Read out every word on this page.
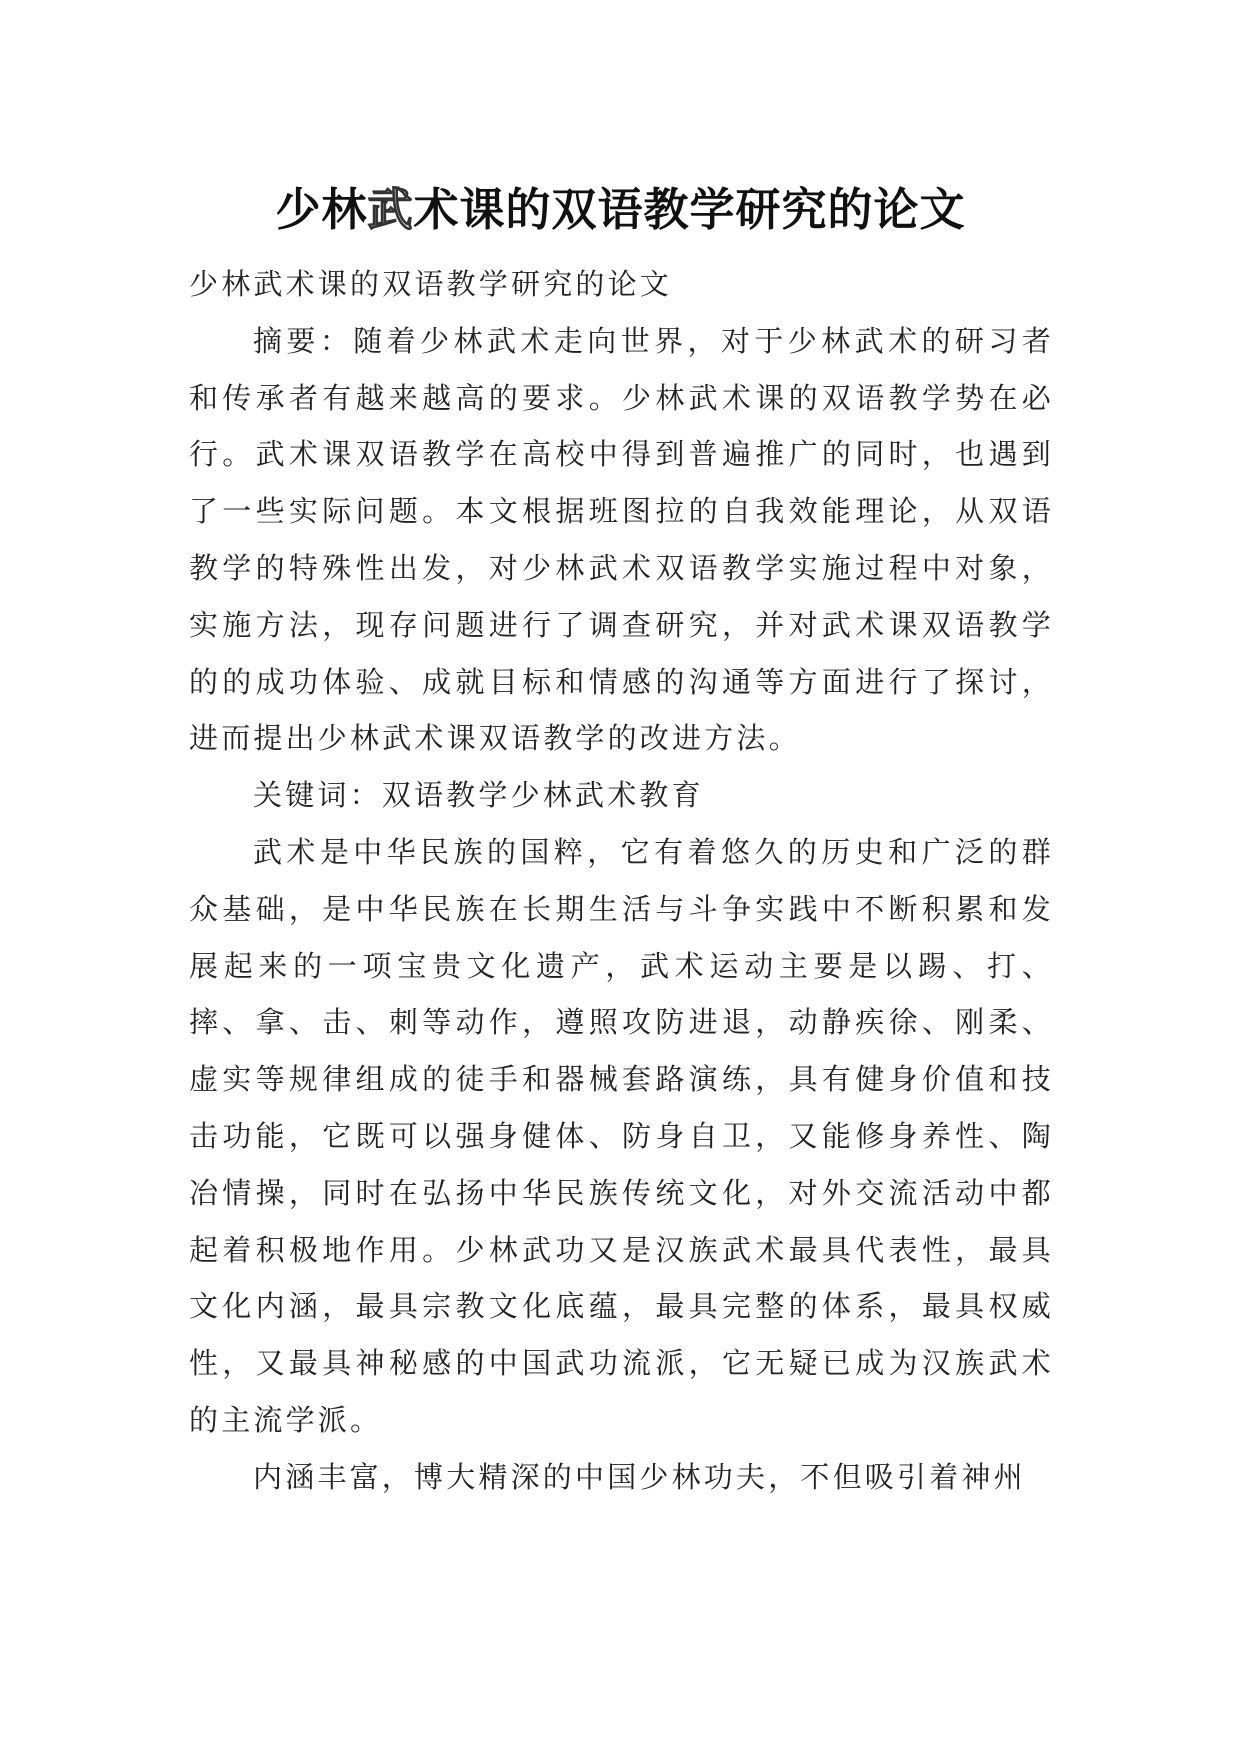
少林武术课的双语教学研究的论文

少林武术课的双语教学研究的论文

摘要：随着少林武术走向世界，对于少林武术的研习者和传承者有越来越高的要求。少林武术课的双语教学势在必行。武术课双语教学在高校中得到普遍推广的同时，也遇到了一些实际问题。本文根据班图拉的自我效能理论，从双语教学的特殊性出发，对少林武术双语教学实施过程中对象，实施方法，现存问题进行了调查研究，并对武术课双语教学的的成功体验、成就目标和情感的沟通等方面进行了探讨，进而提出少林武术课双语教学的改进方法。

关键词：双语教学少林武术教育

武术是中华民族的国粹，它有着悠久的历史和广泛的群众基础，是中华民族在长期生活与斗争实践中不断积累和发展起来的一项宝贵文化遗产，武术运动主要是以踢、打、摔、拿、击、刺等动作，遵照攻防进退，动静疾徐、刚柔、虚实等规律组成的徒手和器械套路演练，具有健身价值和技击功能，它既可以强身健体、防身自卫，又能修身养性、陶冶情操，同时在弘扬中华民族传统文化，对外交流活动中都起着积极地作用。少林武功又是汉族武术最具代表性，最具文化内涵，最具宗教文化底蕴，最具完整的体系，最具权威性，又最具神秘感的中国武功流派，它无疑已成为汉族武术的主流学派。

内涵丰富，博大精深的中国少林功夫，不但吸引着神州
